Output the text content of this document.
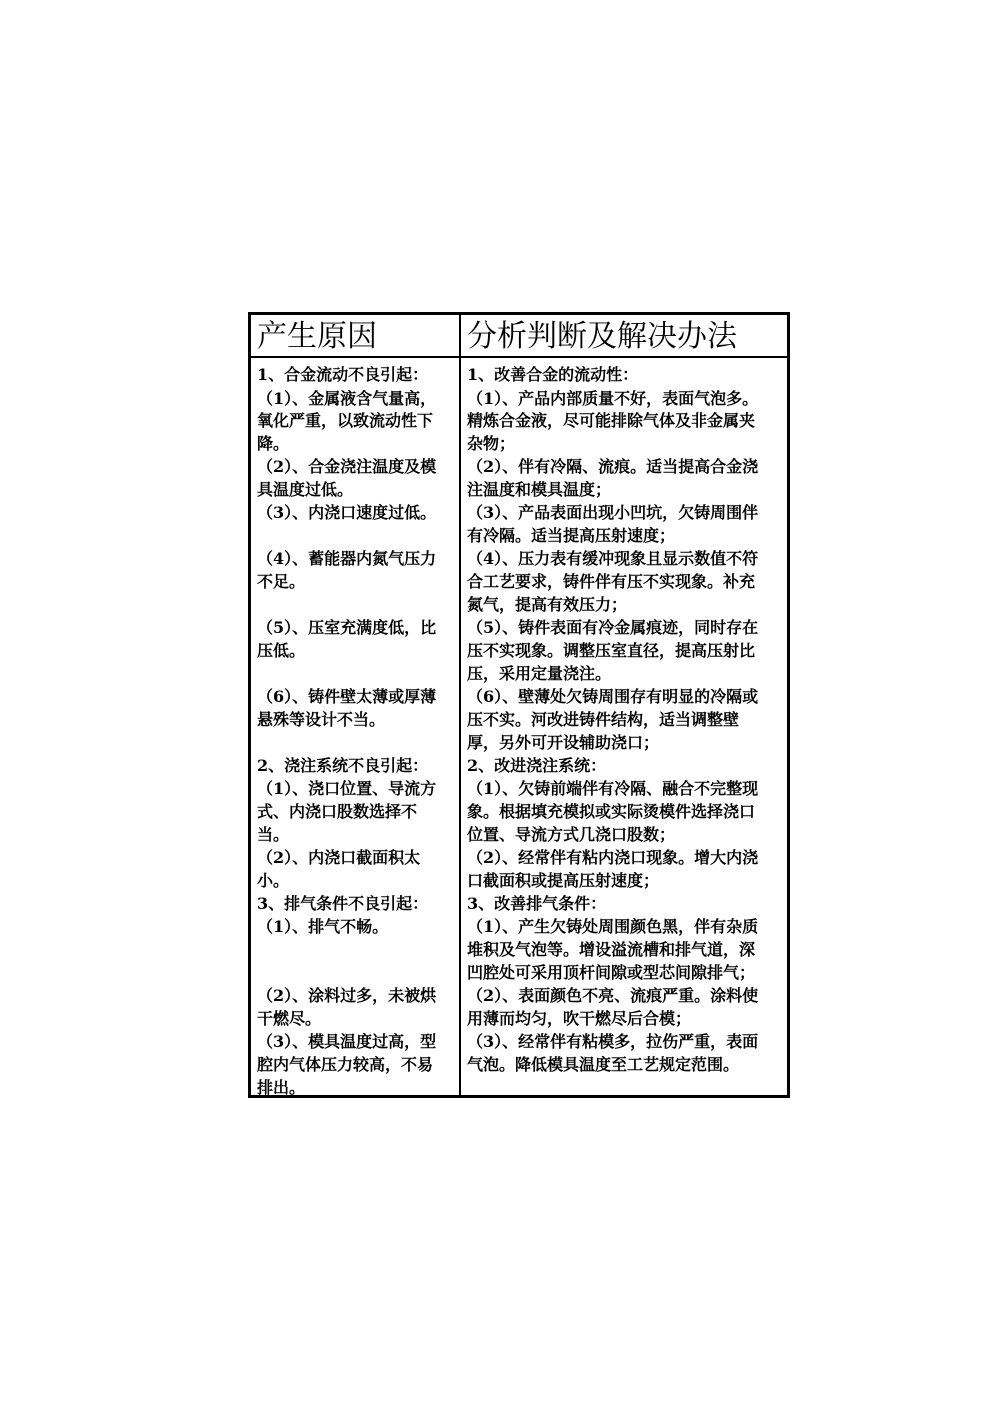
产生原因	分析判断及解决办法
1、合金流动不良引起：
（1）、金属液含气量高，
氧化严重，以致流动性下
降。
（2）、合金浇注温度及模
具温度过低。
（3）、内浇口速度过低。
（4）、蓄能器内氮气压力
不足。
（5）、压室充满度低，比
压低。
（6）、铸件壁太薄或厚薄
悬殊等设计不当。
2、浇注系统不良引起：
（1）、浇口位置、导流方
式、内浇口股数选择不
当。
（2）、内浇口截面积太
小。
3、排气条件不良引起：
（1）、排气不畅。
（2）、涂料过多，未被烘
干燃尽。
（3）、模具温度过高，型
腔内气体压力较高，不易
排出。
1、改善合金的流动性：
（1）、产品内部质量不好，表面气泡多。
精炼合金液，尽可能排除气体及非金属夹
杂物；
（2）、伴有冷隔、流痕。适当提高合金浇
注温度和模具温度；
（3）、产品表面出现小凹坑，欠铸周围伴
有冷隔。适当提高压射速度；
（4）、压力表有缓冲现象且显示数值不符
合工艺要求，铸件伴有压不实现象。补充
氮气，提高有效压力；
（5）、铸件表面有冷金属痕迹，同时存在
压不实现象。调整压室直径，提高压射比
压，采用定量浇注。
（6）、壁薄处欠铸周围存有明显的冷隔或
压不实。河改进铸件结构，适当调整壁
厚，另外可开设辅助浇口；
2、改进浇注系统：
（1）、欠铸前端伴有冷隔、融合不完整现
象。根据填充模拟或实际烫模件选择浇口
位置、导流方式几浇口股数；
（2）、经常伴有粘内浇口现象。增大内浇
口截面积或提高压射速度；
3、改善排气条件：
（1）、产生欠铸处周围颜色黑，伴有杂质
堆积及气泡等。增设溢流槽和排气道，深
凹腔处可采用顶杆间隙或型芯间隙排气；
（2）、表面颜色不亮、流痕严重。涂料使
用薄而均匀，吹干燃尽后合模；
（3）、经常伴有粘模多，拉伤严重，表面
气泡。降低模具温度至工艺规定范围。
